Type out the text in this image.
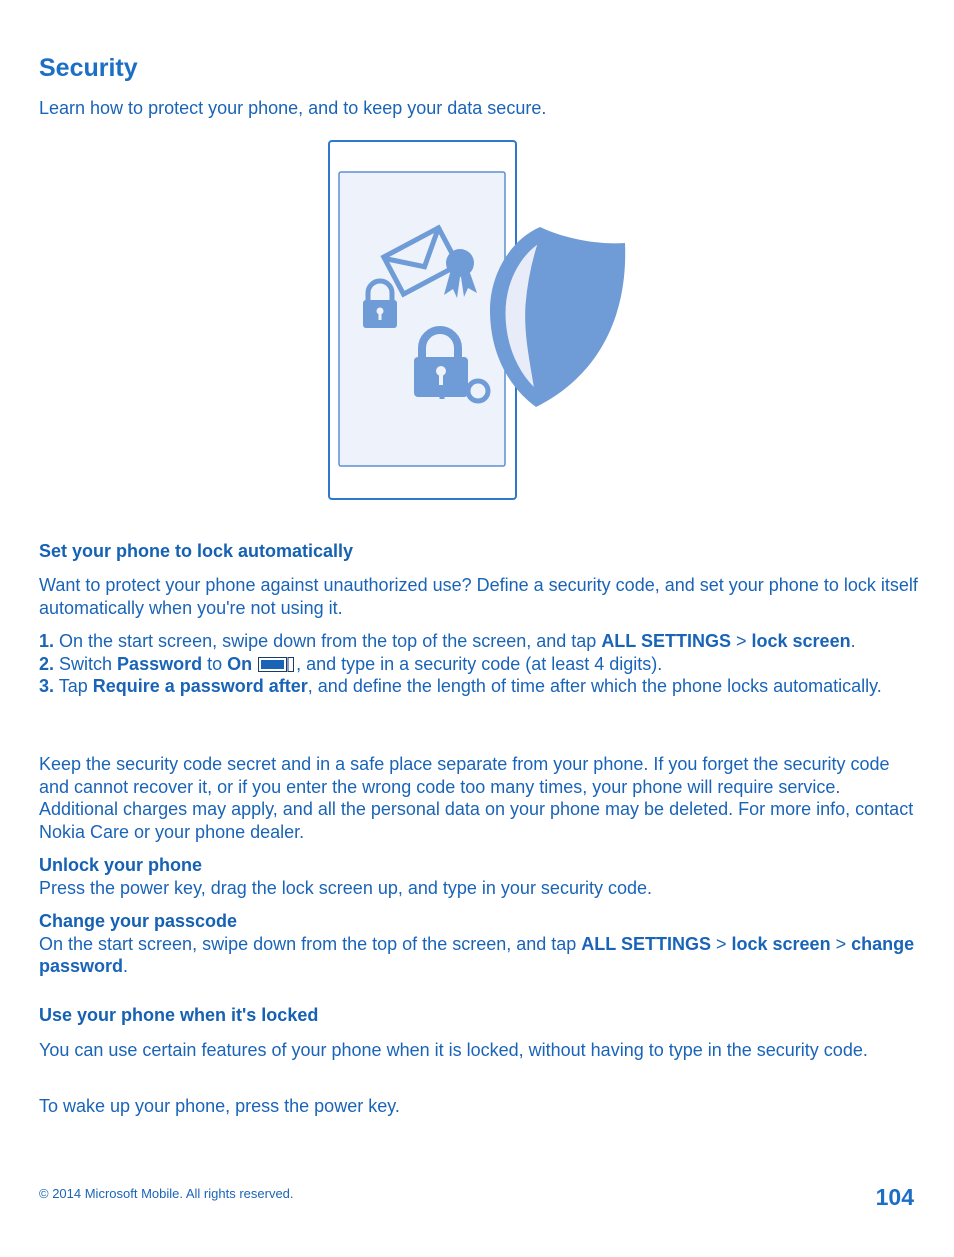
Security

Learn how to protect your phone, and to keep your data secure.

Set your phone to lock automatically

Want to protect your phone against unauthorized use? Define a security code, and set your phone to lock itself automatically when you're not using it.

1. On the start screen, swipe down from the top of the screen, and tap ALL SETTINGS > lock screen.
2. Switch Password to On , and type in a security code (at least 4 digits).
3. Tap Require a password after, and define the length of time after which the phone locks automatically.

Keep the security code secret and in a safe place separate from your phone. If you forget the security code and cannot recover it, or if you enter the wrong code too many times, your phone will require service. Additional charges may apply, and all the personal data on your phone may be deleted. For more info, contact Nokia Care or your phone dealer.

Unlock your phone
Press the power key, drag the lock screen up, and type in your security code.
Change your passcode
On the start screen, swipe down from the top of the screen, and tap ALL SETTINGS > lock screen > change password.
Use your phone when it's locked

You can use certain features of your phone when it is locked, without having to type in the security code.

To wake up your phone, press the power key.

© 2014 Microsoft Mobile. All rights reserved.	104
